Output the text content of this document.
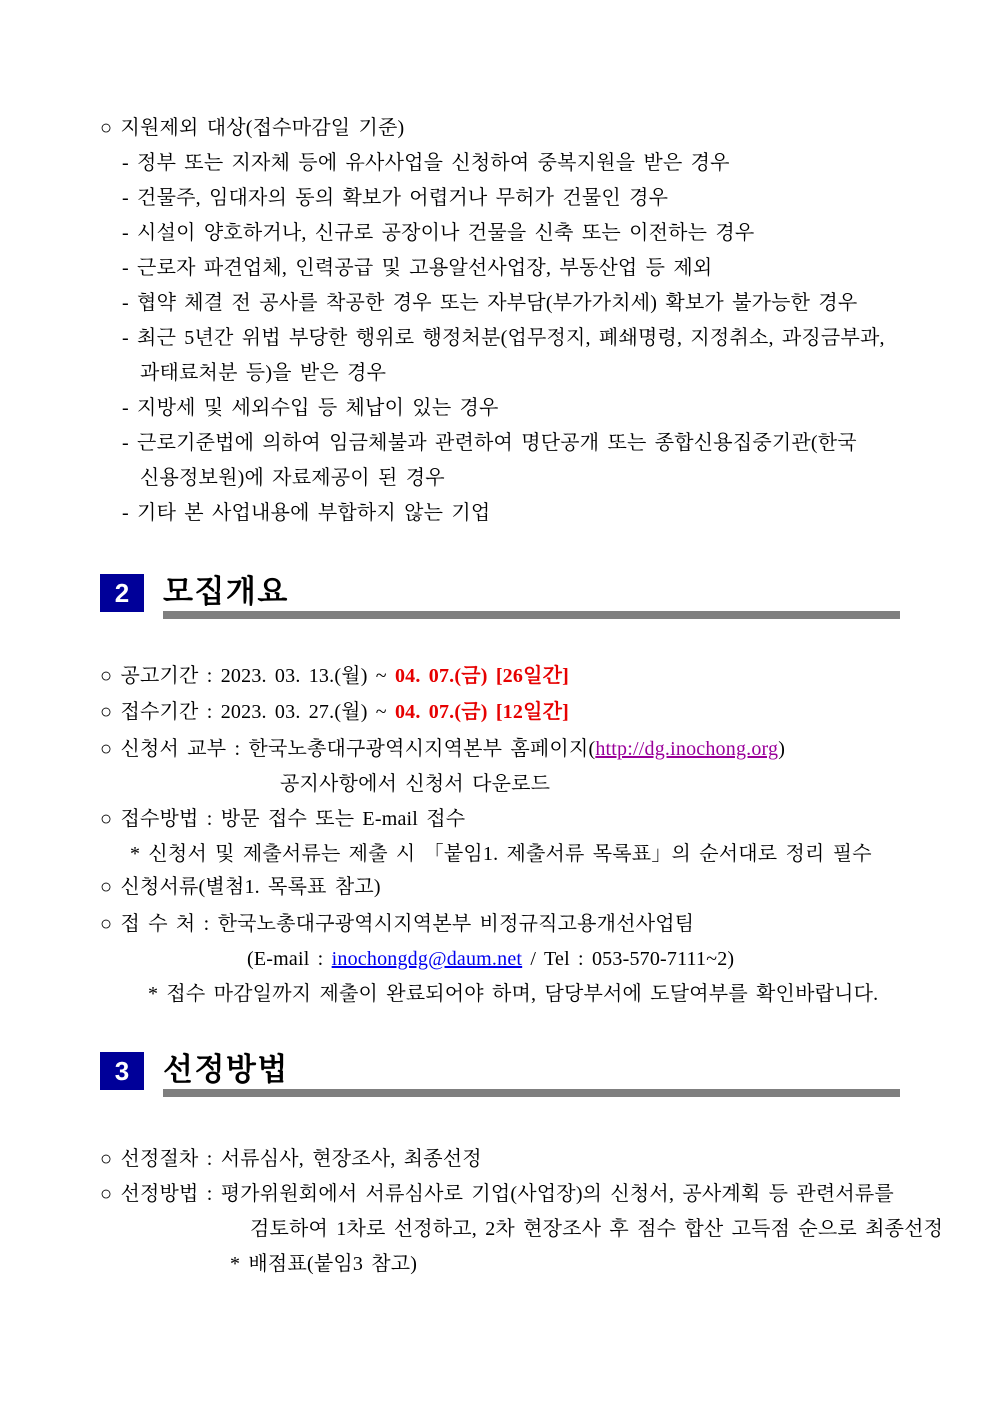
○ 지원제외 대상(접수마감일 기준)
- 정부 또는 지자체 등에 유사사업을 신청하여 중복지원을 받은 경우
- 건물주, 임대자의 동의 확보가 어렵거나 무허가 건물인 경우
- 시설이 양호하거나, 신규로 공장이나 건물을 신축 또는 이전하는 경우
- 근로자 파견업체, 인력공급 및 고용알선사업장, 부동산업 등 제외
- 협약 체결 전 공사를 착공한 경우 또는 자부담(부가가치세) 확보가 불가능한 경우
- 최근 5년간 위법 부당한 행위로 행정처분(업무정지, 폐쇄명령, 지정취소, 과징금부과,
과태료처분 등)을 받은 경우
- 지방세 및 세외수입 등 체납이 있는 경우
- 근로기준법에 의하여 임금체불과 관련하여 명단공개 또는 종합신용집중기관(한국
신용정보원)에 자료제공이 된 경우
- 기타 본 사업내용에 부합하지 않는 기업
2	모집개요
○ 공고기간 : 2023. 03. 13.(월) ~ 04. 07.(금) [26일간]
○ 접수기간 : 2023. 03. 27.(월) ~ 04. 07.(금) [12일간]
○ 신청서 교부 : 한국노총대구광역시지역본부 홈페이지(http://dg.inochong.org)
공지사항에서 신청서 다운로드
○ 접수방법 : 방문 접수 또는 E-mail 접수
* 신청서 및 제출서류는 제출 시 「붙임1. 제출서류 목록표」의 순서대로 정리 필수
○ 신청서류(별첨1. 목록표 참고)
○ 접 수 처 : 한국노총대구광역시지역본부 비정규직고용개선사업팀
(E-mail : inochongdg@daum.net / Tel : 053-570-7111~2)
* 접수 마감일까지 제출이 완료되어야 하며, 담당부서에 도달여부를 확인바랍니다.
3	선정방법
○ 선정절차 : 서류심사, 현장조사, 최종선정
○ 선정방법 : 평가위원회에서 서류심사로 기업(사업장)의 신청서, 공사계획 등 관련서류를
검토하여 1차로 선정하고, 2차 현장조사 후 점수 합산 고득점 순으로 최종선정
* 배점표(붙임3 참고)
